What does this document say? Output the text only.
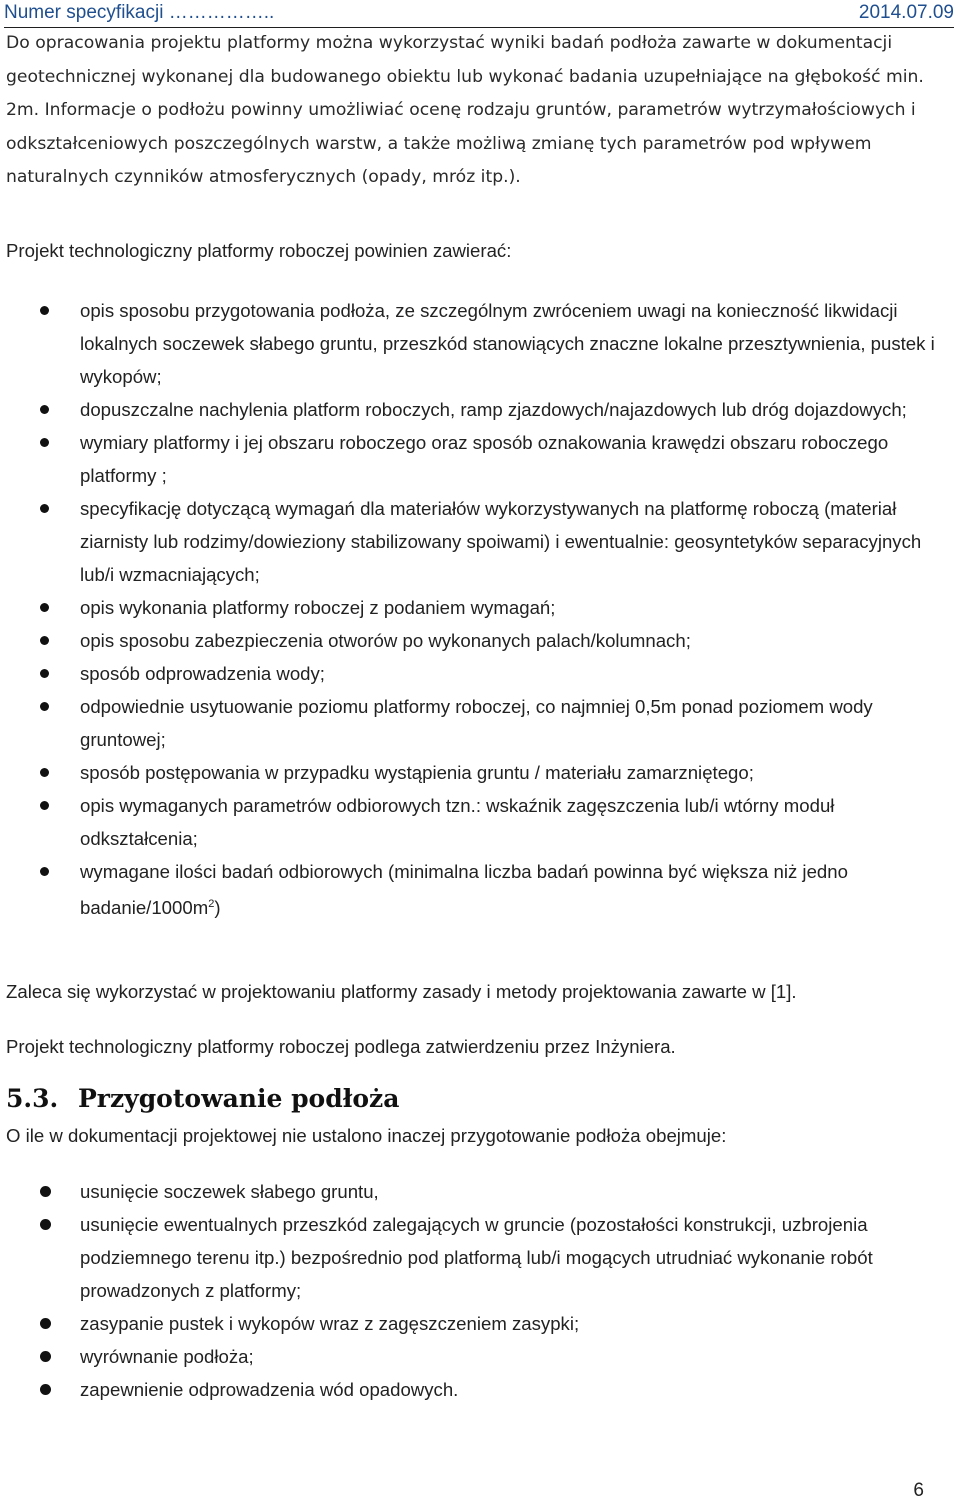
Numer specyfikacji ……………..	2014.07.09
Do opracowania projektu platformy można wykorzystać wyniki badań podłoża zawarte w dokumentacji geotechnicznej wykonanej dla budowanego obiektu lub wykonać badania uzupełniające na głębokość min. 2m. Informacje o podłożu powinny umożliwiać ocenę rodzaju gruntów, parametrów wytrzymałościowych i odkształceniowych poszczególnych warstw, a także możliwą zmianę tych parametrów pod wpływem naturalnych czynników atmosferycznych (opady, mróz itp.).
Projekt technologiczny platformy roboczej powinien zawierać:
opis sposobu przygotowania podłoża, ze szczególnym zwróceniem uwagi na konieczność likwidacji lokalnych soczewek słabego gruntu, przeszkód stanowiących znaczne lokalne przesztywnienia, pustek i wykopów;
dopuszczalne nachylenia platform roboczych, ramp zjazdowych/najazdowych lub dróg dojazdowych;
wymiary platformy i jej obszaru roboczego oraz sposób oznakowania krawędzi obszaru roboczego platformy ;
specyfikację dotyczącą wymagań dla materiałów wykorzystywanych na platformę roboczą (materiał ziarnisty lub rodzimy/dowieziony stabilizowany spoiwami) i ewentualnie: geosyntetyków separacyjnych lub/i wzmacniających;
opis wykonania platformy roboczej z podaniem wymagań;
opis sposobu zabezpieczenia otworów po wykonanych palach/kolumnach;
sposób odprowadzenia wody;
odpowiednie usytuowanie poziomu platformy roboczej, co najmniej 0,5m ponad poziomem wody gruntowej;
sposób postępowania w przypadku wystąpienia gruntu / materiału zamarzniętego;
opis wymaganych parametrów odbiorowych tzn.: wskaźnik zagęszczenia lub/i wtórny moduł odkształcenia;
wymagane ilości badań odbiorowych (minimalna liczba badań powinna być większa niż jedno badanie/$1000m^2$)
Zaleca się wykorzystać w projektowaniu platformy zasady i metody projektowania zawarte w [1].
Projekt technologiczny platformy roboczej podlega zatwierdzeniu przez Inżyniera.
5.3. Przygotowanie podłoża
O ile w dokumentacji projektowej nie ustalono inaczej przygotowanie podłoża obejmuje:
usunięcie soczewek słabego gruntu,
usunięcie ewentualnych przeszkód zalegających w gruncie (pozostałości konstrukcji, uzbrojenia podziemnego terenu itp.) bezpośrednio pod platformą lub/i mogących utrudniać wykonanie robót prowadzonych z platformy;
zasypanie pustek i wykopów wraz z zagęszczeniem zasypki;
wyrównanie podłoża;
zapewnienie odprowadzenia wód opadowych.
6
